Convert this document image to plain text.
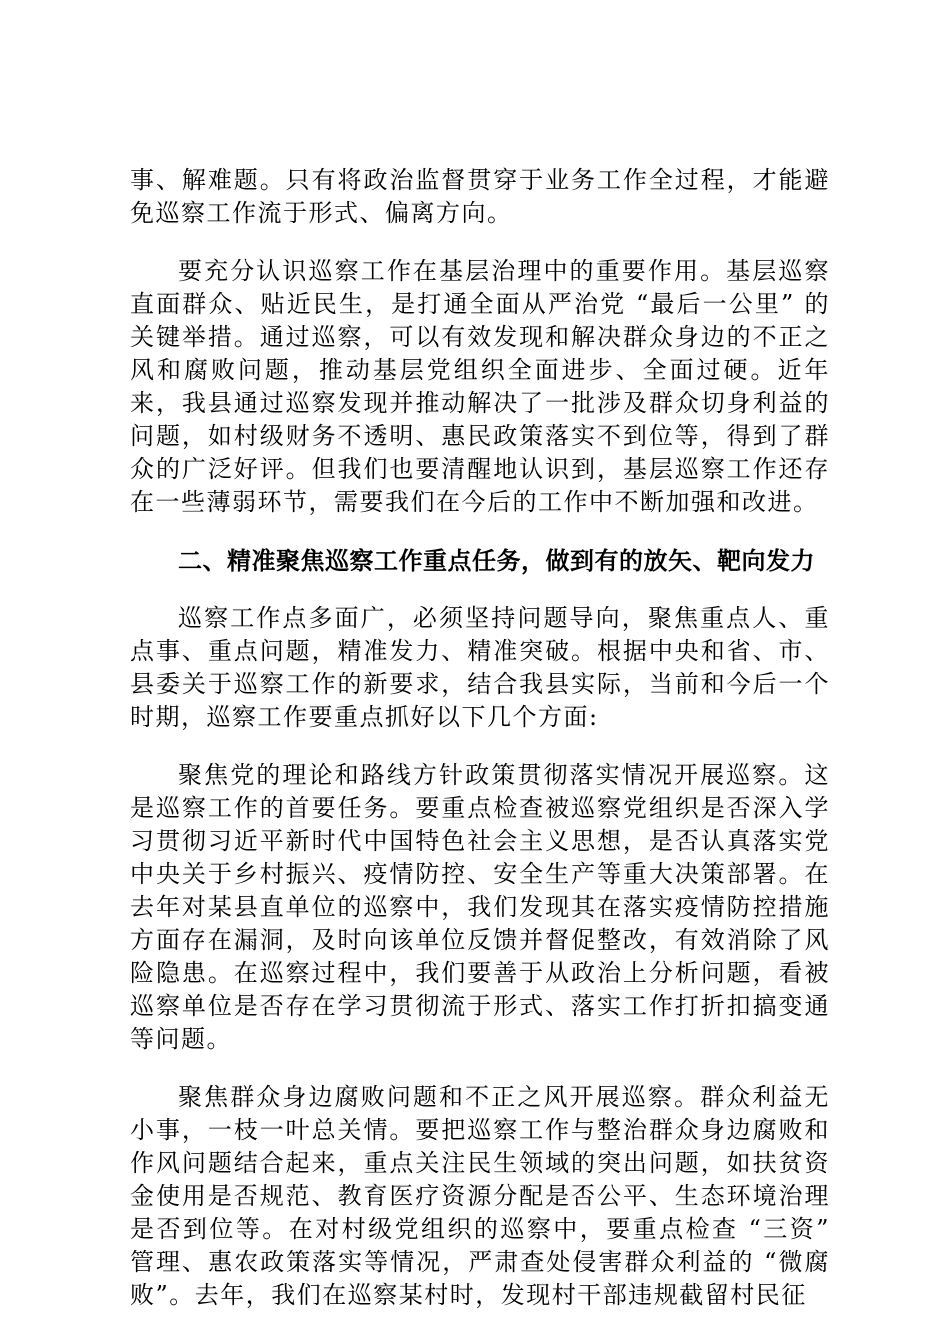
事、解难题。只有将政治监督贯穿于业务工作全过程，才能避免巡察工作流于形式、偏离方向。

要充分认识巡察工作在基层治理中的重要作用。基层巡察直面群众、贴近民生，是打通全面从严治党 “最后一公里” 的关键举措。通过巡察，可以有效发现和解决群众身边的不正之风和腐败问题，推动基层党组织全面进步、全面过硬。近年来，我县通过巡察发现并推动解决了一批涉及群众切身利益的问题，如村级财务不透明、惠民政策落实不到位等，得到了群众的广泛好评。但我们也要清醒地认识到，基层巡察工作还存在一些薄弱环节，需要我们在今后的工作中不断加强和改进。

二、精准聚焦巡察工作重点任务，做到有的放矢、靶向发力

巡察工作点多面广，必须坚持问题导向，聚焦重点人、重点事、重点问题，精准发力、精准突破。根据中央和省、市、县委关于巡察工作的新要求，结合我县实际，当前和今后一个时期，巡察工作要重点抓好以下几个方面:

聚焦党的理论和路线方针政策贯彻落实情况开展巡察。这是巡察工作的首要任务。要重点检查被巡察党组织是否深入学习贯彻习近平新时代中国特色社会主义思想，是否认真落实党中央关于乡村振兴、疫情防控、安全生产等重大决策部署。在去年对某县直单位的巡察中，我们发现其在落实疫情防控措施方面存在漏洞，及时向该单位反馈并督促整改，有效消除了风险隐患。在巡察过程中，我们要善于从政治上分析问题，看被巡察单位是否存在学习贯彻流于形式、落实工作打折扣搞变通等问题。

聚焦群众身边腐败问题和不正之风开展巡察。群众利益无小事，一枝一叶总关情。要把巡察工作与整治群众身边腐败和作风问题结合起来，重点关注民生领域的突出问题，如扶贫资金使用是否规范、教育医疗资源分配是否公平、生态环境治理是否到位等。在对村级党组织的巡察中，要重点检查 “三资” 管理、惠农政策落实等情况，严肃查处侵害群众利益的 “微腐败”。去年，我们在巡察某村时，发现村干部违规截留村民征
